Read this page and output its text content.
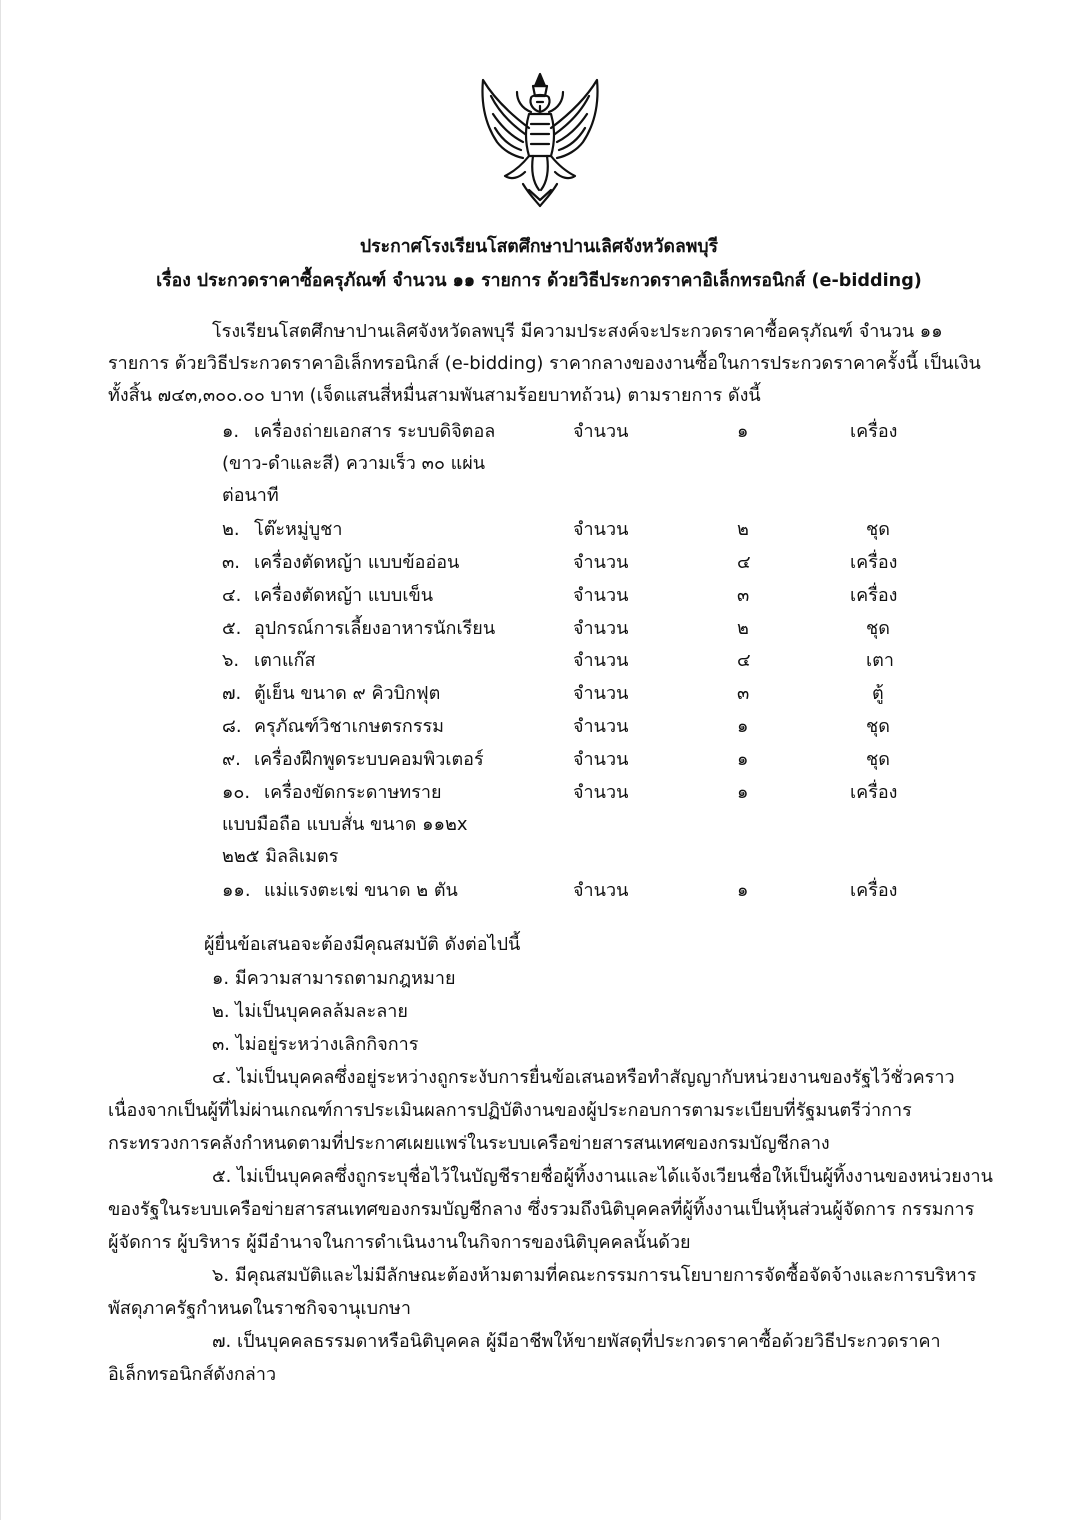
ประกาศโรงเรียนโสตศึกษาปานเลิศจังหวัดลพบุรี
เรื่อง ประกวดราคาซื้อครุภัณฑ์ จำนวน ๑๑ รายการ ด้วยวิธีประกวดราคาอิเล็กทรอนิกส์ (e-bidding)
โรงเรียนโสตศึกษาปานเลิศจังหวัดลพบุรี มีความประสงค์จะประกวดราคาซื้อครุภัณฑ์ จำนวน ๑๑
รายการ ด้วยวิธีประกวดราคาอิเล็กทรอนิกส์ (e-bidding) ราคากลางของงานซื้อในการประกวดราคาครั้งนี้ เป็นเงิน
ทั้งสิ้น ๗๔๓,๓๐๐.๐๐ บาท (เจ็ดแสนสี่หมื่นสามพันสามร้อยบาทถ้วน) ตามรายการ ดังนี้
๑. เครื่องถ่ายเอกสาร ระบบดิจิตอล	จำนวน	๑	เครื่อง
(ขาว-ดำและสี) ความเร็ว ๓๐ แผ่น
ต่อนาที
๒. โต๊ะหมู่บูชา	จำนวน	๒	ชุด
๓. เครื่องตัดหญ้า แบบข้ออ่อน	จำนวน	๔	เครื่อง
๔. เครื่องตัดหญ้า แบบเข็น	จำนวน	๓	เครื่อง
๕. อุปกรณ์การเลี้ยงอาหารนักเรียน	จำนวน	๒	ชุด
๖. เตาแก๊ส	จำนวน	๔	เตา
๗. ตู้เย็น ขนาด ๙ คิวบิกฟุต	จำนวน	๓	ตู้
๘. ครุภัณฑ์วิชาเกษตรกรรม	จำนวน	๑	ชุด
๙. เครื่องฝึกพูดระบบคอมพิวเตอร์	จำนวน	๑	ชุด
๑๐. เครื่องขัดกระดาษทราย	จำนวน	๑	เครื่อง
แบบมือถือ แบบสั่น ขนาด ๑๑๒x
๒๒๕ มิลลิเมตร
๑๑. แม่แรงตะเฆ่ ขนาด ๒ ตัน	จำนวน	๑	เครื่อง
ผู้ยื่นข้อเสนอจะต้องมีคุณสมบัติ ดังต่อไปนี้
๑. มีความสามารถตามกฎหมาย
๒. ไม่เป็นบุคคลล้มละลาย
๓. ไม่อยู่ระหว่างเลิกกิจการ
๔. ไม่เป็นบุคคลซึ่งอยู่ระหว่างถูกระงับการยื่นข้อเสนอหรือทำสัญญากับหน่วยงานของรัฐไว้ชั่วคราว
เนื่องจากเป็นผู้ที่ไม่ผ่านเกณฑ์การประเมินผลการปฏิบัติงานของผู้ประกอบการตามระเบียบที่รัฐมนตรีว่าการ
กระทรวงการคลังกำหนดตามที่ประกาศเผยแพร่ในระบบเครือข่ายสารสนเทศของกรมบัญชีกลาง
๕. ไม่เป็นบุคคลซึ่งถูกระบุชื่อไว้ในบัญชีรายชื่อผู้ทิ้งงานและได้แจ้งเวียนชื่อให้เป็นผู้ทิ้งงานของหน่วยงาน
ของรัฐในระบบเครือข่ายสารสนเทศของกรมบัญชีกลาง ซึ่งรวมถึงนิติบุคคลที่ผู้ทิ้งงานเป็นหุ้นส่วนผู้จัดการ กรรมการ
ผู้จัดการ ผู้บริหาร ผู้มีอำนาจในการดำเนินงานในกิจการของนิติบุคคลนั้นด้วย
๖. มีคุณสมบัติและไม่มีลักษณะต้องห้ามตามที่คณะกรรมการนโยบายการจัดซื้อจัดจ้างและการบริหาร
พัสดุภาครัฐกำหนดในราชกิจจานุเบกษา
๗. เป็นบุคคลธรรมดาหรือนิติบุคคล ผู้มีอาชีพให้ขายพัสดุที่ประกวดราคาซื้อด้วยวิธีประกวดราคา
อิเล็กทรอนิกส์ดังกล่าว
